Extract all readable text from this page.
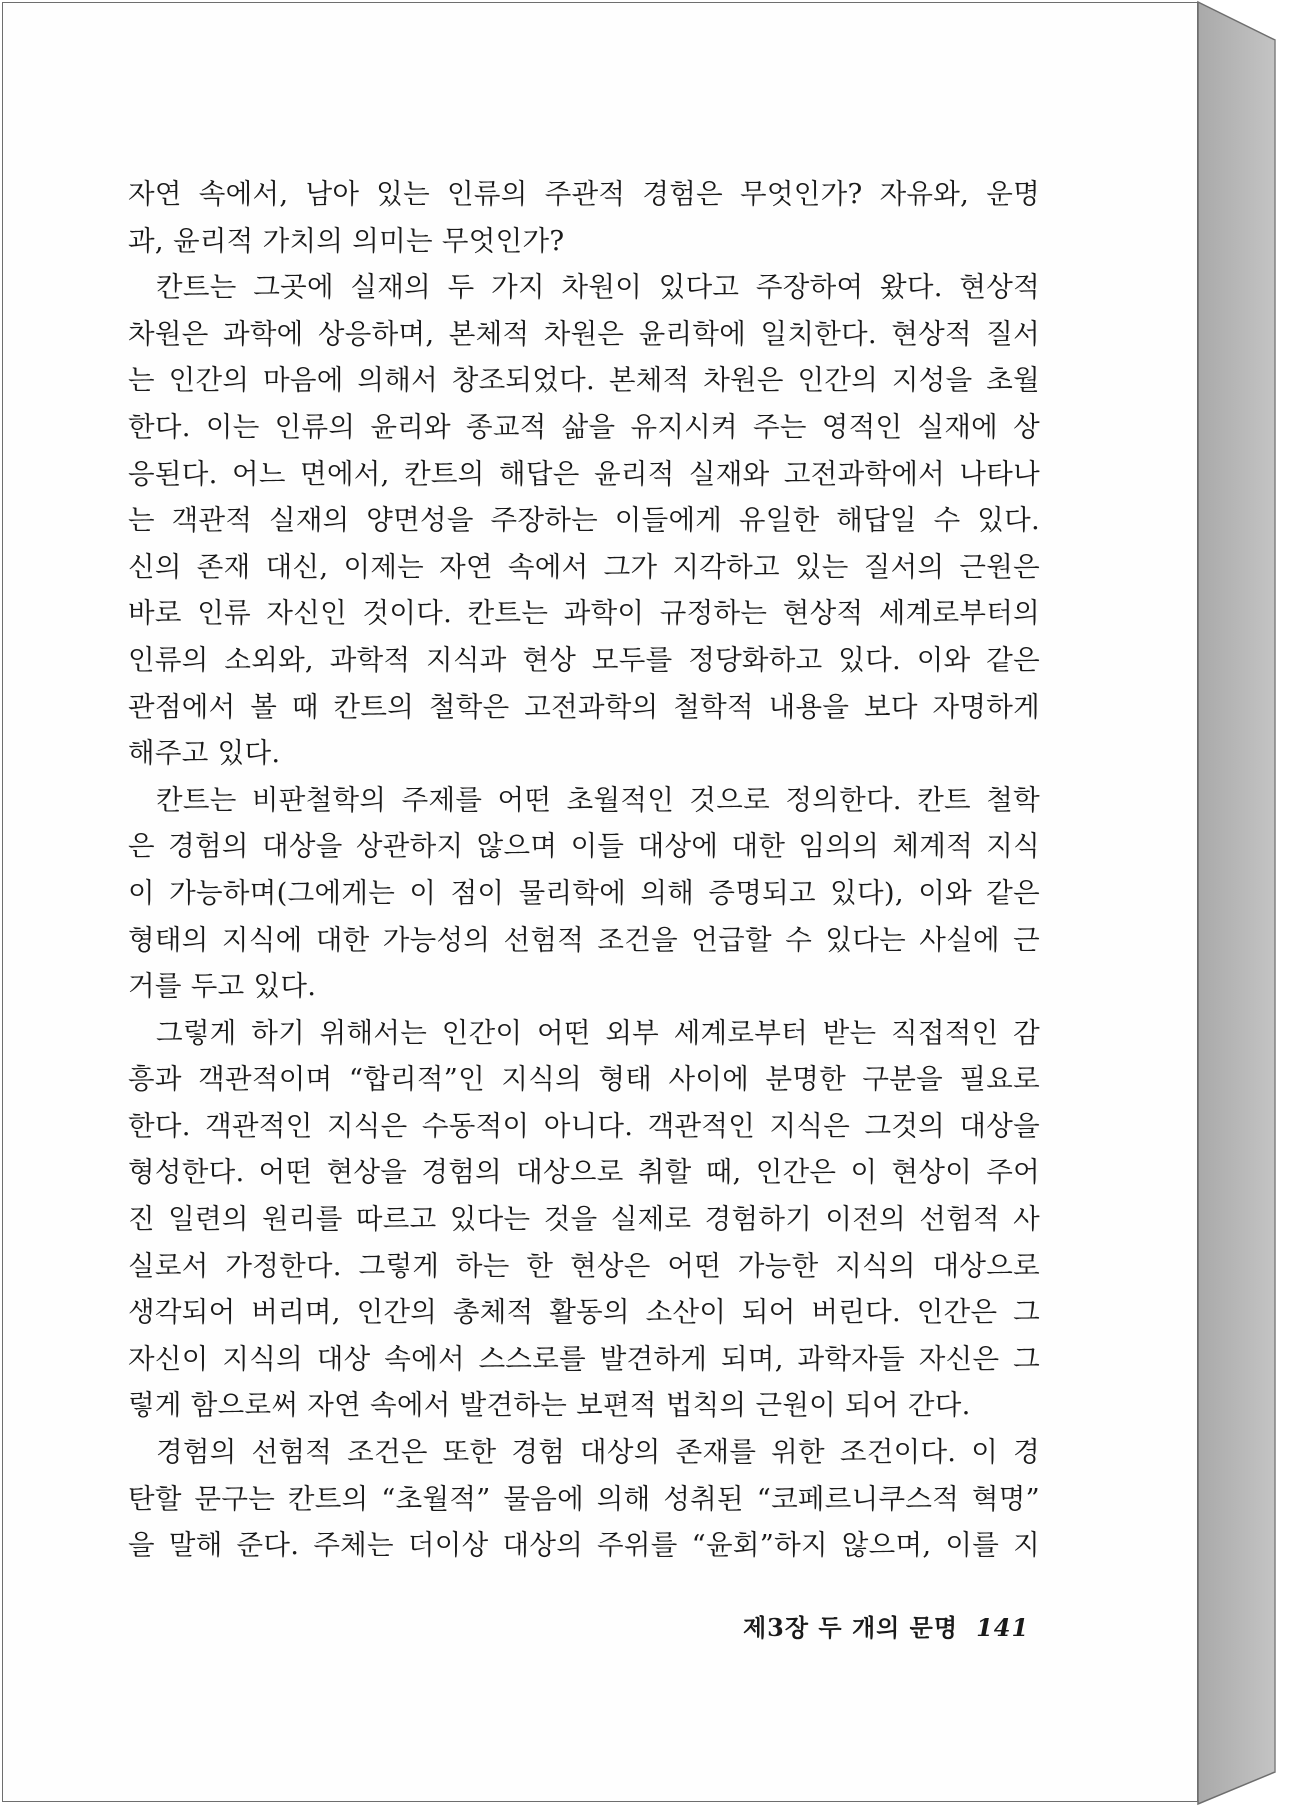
자연 속에서, 남아 있는 인류의 주관적 경험은 무엇인가? 자유와, 운명
과, 윤리적 가치의 의미는 무엇인가?
칸트는 그곳에 실재의 두 가지 차원이 있다고 주장하여 왔다. 현상적
차원은 과학에 상응하며, 본체적 차원은 윤리학에 일치한다. 현상적 질서
는 인간의 마음에 의해서 창조되었다. 본체적 차원은 인간의 지성을 초월
한다. 이는 인류의 윤리와 종교적 삶을 유지시켜 주는 영적인 실재에 상
응된다. 어느 면에서, 칸트의 해답은 윤리적 실재와 고전과학에서 나타나
는 객관적 실재의 양면성을 주장하는 이들에게 유일한 해답일 수 있다.
신의 존재 대신, 이제는 자연 속에서 그가 지각하고 있는 질서의 근원은
바로 인류 자신인 것이다. 칸트는 과학이 규정하는 현상적 세계로부터의
인류의 소외와, 과학적 지식과 현상 모두를 정당화하고 있다. 이와 같은
관점에서 볼 때 칸트의 철학은 고전과학의 철학적 내용을 보다 자명하게
해주고 있다.
칸트는 비판철학의 주제를 어떤 초월적인 것으로 정의한다. 칸트 철학
은 경험의 대상을 상관하지 않으며 이들 대상에 대한 임의의 체계적 지식
이 가능하며(그에게는 이 점이 물리학에 의해 증명되고 있다), 이와 같은
형태의 지식에 대한 가능성의 선험적 조건을 언급할 수 있다는 사실에 근
거를 두고 있다.
그렇게 하기 위해서는 인간이 어떤 외부 세계로부터 받는 직접적인 감
흥과 객관적이며 “합리적”인 지식의 형태 사이에 분명한 구분을 필요로
한다. 객관적인 지식은 수동적이 아니다. 객관적인 지식은 그것의 대상을
형성한다. 어떤 현상을 경험의 대상으로 취할 때, 인간은 이 현상이 주어
진 일련의 원리를 따르고 있다는 것을 실제로 경험하기 이전의 선험적 사
실로서 가정한다. 그렇게 하는 한 현상은 어떤 가능한 지식의 대상으로
생각되어 버리며, 인간의 총체적 활동의 소산이 되어 버린다. 인간은 그
자신이 지식의 대상 속에서 스스로를 발견하게 되며, 과학자들 자신은 그
렇게 함으로써 자연 속에서 발견하는 보편적 법칙의 근원이 되어 간다.
경험의 선험적 조건은 또한 경험 대상의 존재를 위한 조건이다. 이 경
탄할 문구는 칸트의 “초월적” 물음에 의해 성취된 “코페르니쿠스적 혁명”
을 말해 준다. 주체는 더이상 대상의 주위를 “윤회”하지 않으며, 이를 지
제3장 두 개의 문명 141
